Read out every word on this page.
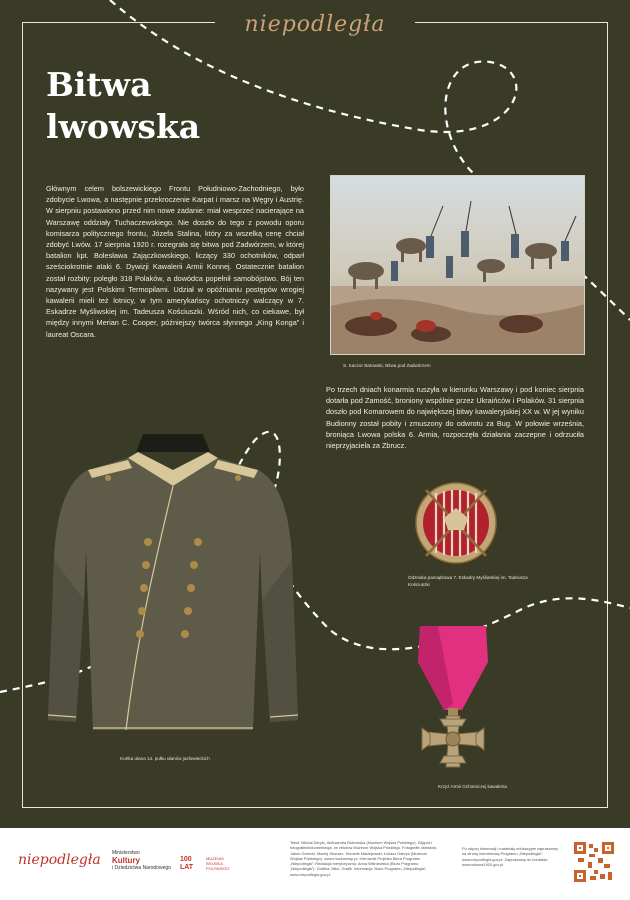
niepodległa
Bitwa
lwowska

Głównym celem bolszewickiego Frontu Południowo-Zachodniego, było zdobycie Lwowa, a następnie przekroczenie Karpat i marsz na Węgry i Austrię. W sierpniu postawiono przed nim nowe zadanie: miał wesprzeć nacierające na Warszawę oddziały Tuchaczewskiego. Nie doszło do tego z powodu oporu komisarza politycznego frontu, Józefa Stalina, który za wszelką cenę chciał zdobyć Lwów. 17 sierpnia 1920 r. rozegrała się bitwa pod Zadwórzem, w której batalion kpt. Bolesława Zajączkowskiego, liczący 330 ochotników, odparł sześciokrotnie ataki 6. Dywizji Kawalerii Armii Konnej. Ostatecznie batalion został rozbity: poległo 318 Polaków, a dowódca popełnił samobójstwo. Bój ten nazywany jest Polskimi Termopilami. Udział w opóźnianiu postępów wrogiej kawalerii mieli też lotnicy, w tym amerykańscy ochotniczy walczący w 7. Eskadrze Myśliwskiej im. Tadeusza Kościuszki. Wśród nich, co ciekawe, był między innymi Merian C. Cooper, późniejszy twórca słynnego „King Konga” i laureat Oscara.

S. Kaczor Batowski, Bitwa pod Zadwórzem

Po trzech dniach konarmia ruszyła w kierunku Warszawy i pod koniec sierpnia dotarła pod Zamość, broniony wspólnie przez Ukraińców i Polaków. 31 sierpnia doszło pod Komarowem do największej bitwy kawaleryjskiej XX w. W jej wyniku Budionny został pobity i zmuszony do odwrotu za Bug. W połowie września, broniąca Lwowa polska 6. Armia, rozpoczęła działania zaczepne i odrzuciła nieprzyjaciela za Zbrucz.

Kurtka ułana 14. pułku ułanów jazłowieckich

Odznaka pamiątkowa 7. Eskadry Myśliwskiej im. Tadeusza Kościuszki

Krzyż Armii Ochotniczej kawaleria

niepodległa Ministerstwo
Kultury
i Dziedzictwa Narodowego
100
LAT
MUZEUM WOJSKA POLSKIEGO

Tekst: Michał Deryło, Aleksandra Bobowska (Muzeum Wojska Polskiego). Zdjęcia i fotografie/dokumentacja: ze zbiorów Muzeum Wojska Polskiego. Fotografie obiektów: Jakub Górecki, Maciej Skorzec. Dominik Maciejewski, Łukasz Gabryś (Muzeum Wojska Polskiego). www.muzeumwp.pl. Kierownik Projektu Biura Programu „Niepodległa”: Redakcja merytoryczna: Anna Wiśniewska (Biuro Programu „Niepodległa”). Grafika: Mikz. Grafik. Informacja: Biuro Programu „Niepodległa”. www.niepodlegla.gov.pl

Po więcej informacji i materiały edukacyjne zapraszamy na stronę internetową Programu „Niepodległa”: www.niepodlegla.gov.pl. Zapraszamy do kontaktu: www.wiosna1920.gov.pl
